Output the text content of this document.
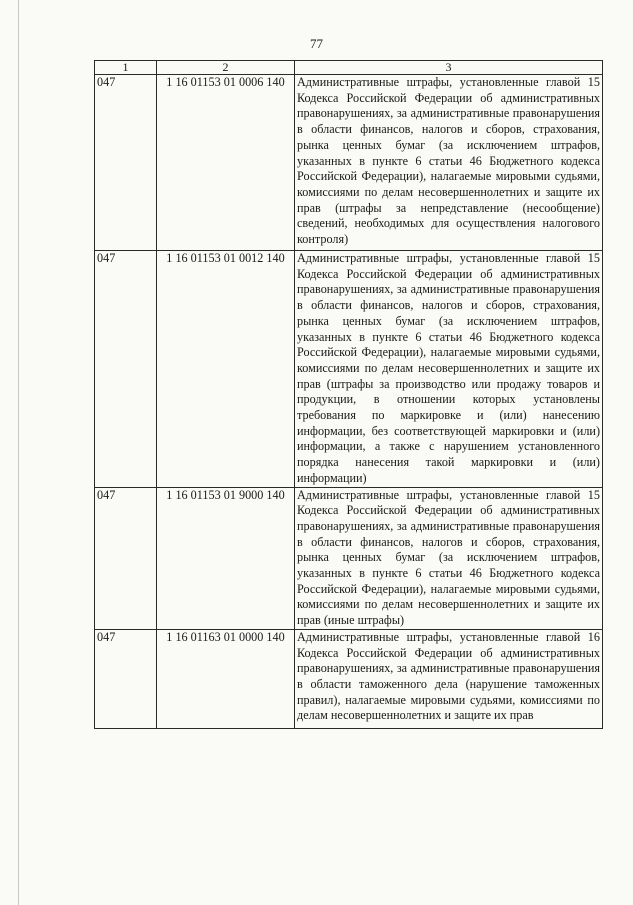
77
1	2	3
047	1 16 01153 01 0006 140	Административные штрафы, установленные главой 15 Кодекса Российской Федерации об административных правонарушениях, за административные правонарушения в области финансов, налогов и сборов, страхования, рынка ценных бумаг (за исключением штрафов, указанных в пункте 6 статьи 46 Бюджетного кодекса Российской Федерации), налагаемые мировыми судьями, комиссиями по делам несовершеннолетних и защите их прав (штрафы за непредставление (несообщение) сведений, необходимых для осуществления налогового контроля)
047	1 16 01153 01 0012 140	Административные штрафы, установленные главой 15 Кодекса Российской Федерации об административных правонарушениях, за административные правонарушения в области финансов, налогов и сборов, страхования, рынка ценных бумаг (за исключением штрафов, указанных в пункте 6 статьи 46 Бюджетного кодекса Российской Федерации), налагаемые мировыми судьями, комиссиями по делам несовершеннолетних и защите их прав (штрафы за производство или продажу товаров и продукции, в отношении которых установлены требования по маркировке и (или) нанесению информации, без соответствующей маркировки и (или) информации, а также с нарушением установленного порядка нанесения такой маркировки и (или) информации)
047	1 16 01153 01 9000 140	Административные штрафы, установленные главой 15 Кодекса Российской Федерации об административных правонарушениях, за административные правонарушения в области финансов, налогов и сборов, страхования, рынка ценных бумаг (за исключением штрафов, указанных в пункте 6 статьи 46 Бюджетного кодекса Российской Федерации), налагаемые мировыми судьями, комиссиями по делам несовершеннолетних и защите их прав (иные штрафы)
047	1 16 01163 01 0000 140	Административные штрафы, установленные главой 16 Кодекса Российской Федерации об административных правонарушениях, за административные правонарушения в области таможенного дела (нарушение таможенных правил), налагаемые мировыми судьями, комиссиями по делам несовершеннолетних и защите их прав
